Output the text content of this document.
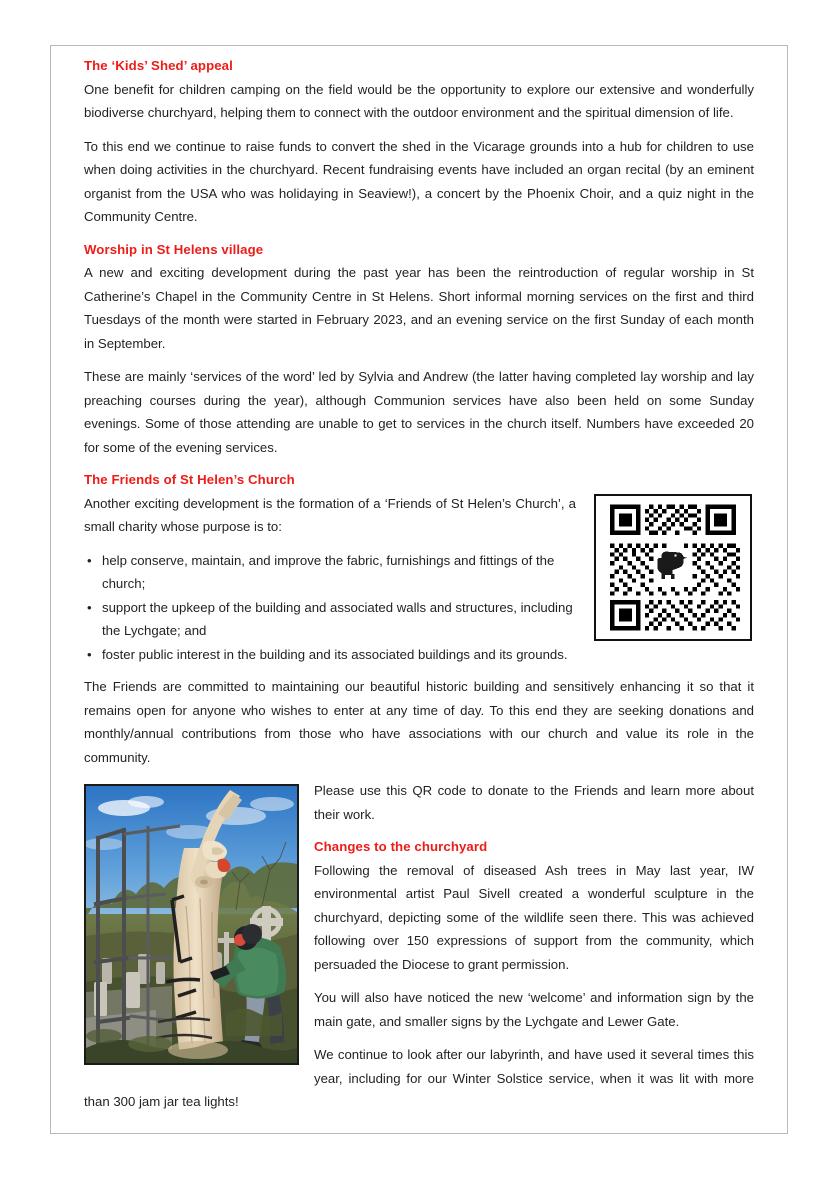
The ‘Kids’ Shed’ appeal

One benefit for children camping on the field would be the opportunity to explore our extensive and wonderfully biodiverse churchyard, helping them to connect with the outdoor environment and the spiritual dimension of life.

To this end we continue to raise funds to convert the shed in the Vicarage grounds into a hub for children to use when doing activities in the churchyard. Recent fundraising events have included an organ recital (by an eminent organist from the USA who was holidaying in Seaview!), a concert by the Phoenix Choir, and a quiz night in the Community Centre.

Worship in St Helens village

A new and exciting development during the past year has been the reintroduction of regular worship in St Catherine’s Chapel in the Community Centre in St Helens. Short informal morning services on the first and third Tuesdays of the month were started in February 2023, and an evening service on the first Sunday of each month in September.

These are mainly ‘services of the word’ led by Sylvia and Andrew (the latter having completed lay worship and lay preaching courses during the year), although Communion services have also been held on some Sunday evenings. Some of those attending are unable to get to services in the church itself. Numbers have exceeded 20 for some of the evening services.

The Friends of St Helen’s Church

Another exciting development is the formation of a ‘Friends of St Helen’s Church’, a small charity whose purpose is to:

• help conserve, maintain, and improve the fabric, furnishings and fittings of the church;
• support the upkeep of the building and associated walls and structures, including the Lychgate; and
• foster public interest in the building and its associated buildings and its grounds.

The Friends are committed to maintaining our beautiful historic building and sensitively enhancing it so that it remains open for anyone who wishes to enter at any time of day. To this end they are seeking donations and monthly/annual contributions from those who have associations with our church and value its role in the community.

Please use this QR code to donate to the Friends and learn more about their work.

Changes to the churchyard

Following the removal of diseased Ash trees in May last year, IW environmental artist Paul Sivell created a wonderful sculpture in the churchyard, depicting some of the wildlife seen there. This was achieved following over 150 expressions of support from the community, which persuaded the Diocese to grant permission.

You will also have noticed the new ‘welcome’ and information sign by the main gate, and smaller signs by the Lychgate and Lewer Gate.

We continue to look after our labyrinth, and have used it several times this year, including for our Winter Solstice service, when it was lit with more than 300 jam jar tea lights!
